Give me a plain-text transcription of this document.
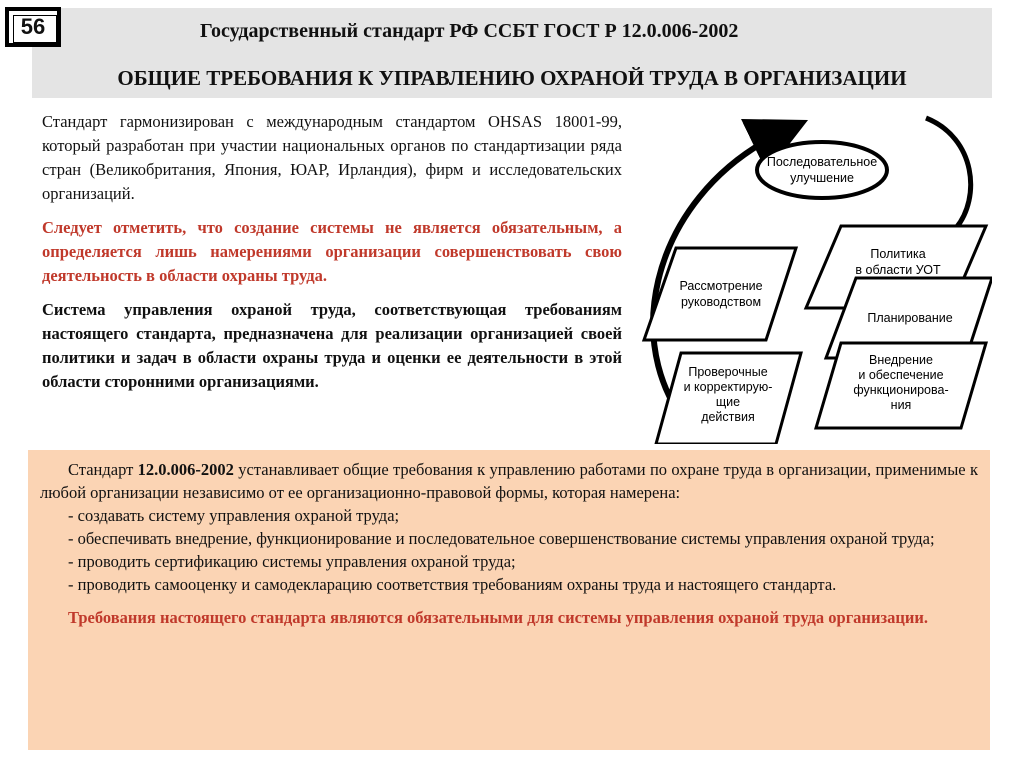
56	Государственный стандарт РФ ССБТ ГОСТ Р 12.0.006-2002
ОБЩИЕ ТРЕБОВАНИЯ К УПРАВЛЕНИЮ ОХРАНОЙ ТРУДА В ОРГАНИЗАЦИИ

Стандарт гармонизирован с международным стандартом OHSAS 18001-99, который разработан при участии национальных органов по стандартизации ряда стран (Великобритания, Япония, ЮАР, Ирландия), фирм и исследовательских организаций.

Следует отметить, что создание системы не является обязательным, а определяется лишь намерениями организации совершенствовать свою деятельность в области охраны труда.

Система управления охраной труда, соответствующая требованиям настоящего стандарта, предназначена для реализации организацией своей политики и задач в области охраны труда и оценки ее деятельности в этой области сторонними организациями.

Последовательное
улучшение
Политика
в области УОТ
Рассмотрение
руководством
Планирование
Проверочные
и корректирую-
щие
действия
Внедрение
и обеспечение
функционирова-
ния

Стандарт 12.0.006-2002 устанавливает общие требования к управлению работами по охране труда в организации, применимые к любой организации независимо от ее организационно-правовой формы, которая намерена:

- создавать систему управления охраной труда;

- обеспечивать внедрение, функционирование и последовательное совершенствование системы управления охраной труда;

- проводить сертификацию системы управления охраной труда;

- проводить самооценку и самодекларацию соответствия требованиям охраны труда и настоящего стандарта.

Требования настоящего стандарта являются обязательными для системы управления охраной труда организации.
